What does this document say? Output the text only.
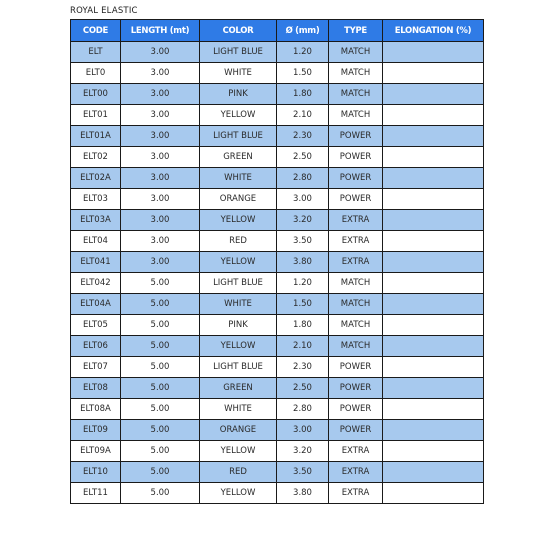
ROYAL ELASTIC
CODE	LENGTH (mt)	COLOR	Ø (mm)	TYPE	ELONGATION (%)
ELT	3.00	LIGHT BLUE	1.20	MATCH	
ELT0	3.00	WHITE	1.50	MATCH	
ELT00	3.00	PINK	1.80	MATCH	
ELT01	3.00	YELLOW	2.10	MATCH	
ELT01A	3.00	LIGHT BLUE	2.30	POWER	
ELT02	3.00	GREEN	2.50	POWER	
ELT02A	3.00	WHITE	2.80	POWER	
ELT03	3.00	ORANGE	3.00	POWER	
ELT03A	3.00	YELLOW	3.20	EXTRA	
ELT04	3.00	RED	3.50	EXTRA	
ELT041	3.00	YELLOW	3.80	EXTRA	
ELT042	5.00	LIGHT BLUE	1.20	MATCH	
ELT04A	5.00	WHITE	1.50	MATCH	
ELT05	5.00	PINK	1.80	MATCH	
ELT06	5.00	YELLOW	2.10	MATCH	
ELT07	5.00	LIGHT BLUE	2.30	POWER	
ELT08	5.00	GREEN	2.50	POWER	
ELT08A	5.00	WHITE	2.80	POWER	
ELT09	5.00	ORANGE	3.00	POWER	
ELT09A	5.00	YELLOW	3.20	EXTRA	
ELT10	5.00	RED	3.50	EXTRA	
ELT11	5.00	YELLOW	3.80	EXTRA	
